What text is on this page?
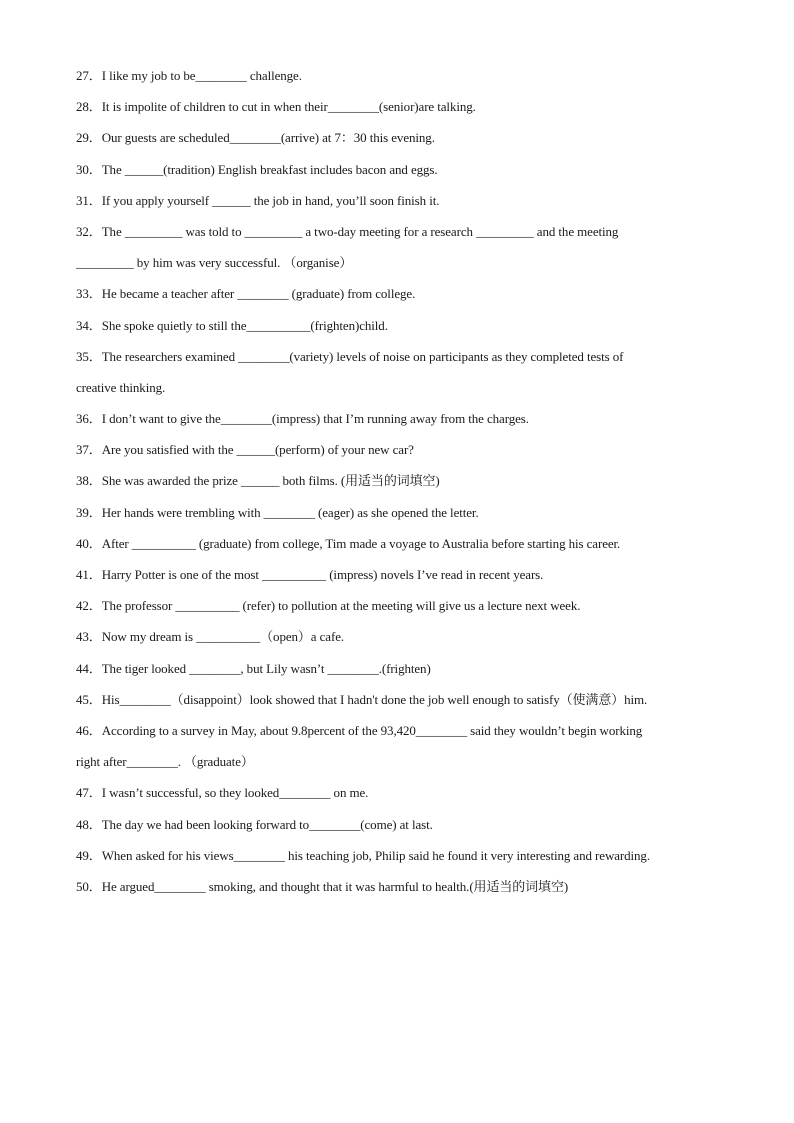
27．I like my job to be________ challenge.
28．It is impolite of children to cut in when their________(senior)are talking.
29．Our guests are scheduled________(arrive) at 7：30 this evening.
30．The ______(tradition) English breakfast includes bacon and eggs.
31．If you apply yourself ______ the job in hand, you’ll soon finish it.
32．The _________ was told to _________ a two-day meeting for a research _________ and the meeting
_________ by him was very successful. （organise）
33．He became a teacher after ________ (graduate) from college.
34．She spoke quietly to still the__________(frighten)child.
35．The researchers examined ________(variety) levels of noise on participants as they completed tests of
creative thinking.
36．I don’t want to give the________(impress) that I’m running away from the charges.
37．Are you satisfied with the ______(perform) of your new car?
38．She was awarded the prize ______ both films. (用适当的词填空)
39．Her hands were trembling with ________ (eager) as she opened the letter.
40．After __________ (graduate) from college, Tim made a voyage to Australia before starting his career.
41．Harry Potter is one of the most __________ (impress) novels I’ve read in recent years.
42．The professor __________ (refer) to pollution at the meeting will give us a lecture next week.
43．Now my dream is __________（open）a cafe.
44．The tiger looked ________, but Lily wasn’t ________.(frighten)
45．His________（disappoint）look showed that I hadn't done the job well enough to satisfy（使满意）him.
46．According to a survey in May, about 9.8percent of the 93,420________ said they wouldn’t begin working
right after________. （graduate）
47．I wasn’t successful, so they looked________ on me.
48．The day we had been looking forward to________(come) at last.
49．When asked for his views________ his teaching job, Philip said he found it very interesting and rewarding.
50．He argued________ smoking, and thought that it was harmful to health.(用适当的词填空)
